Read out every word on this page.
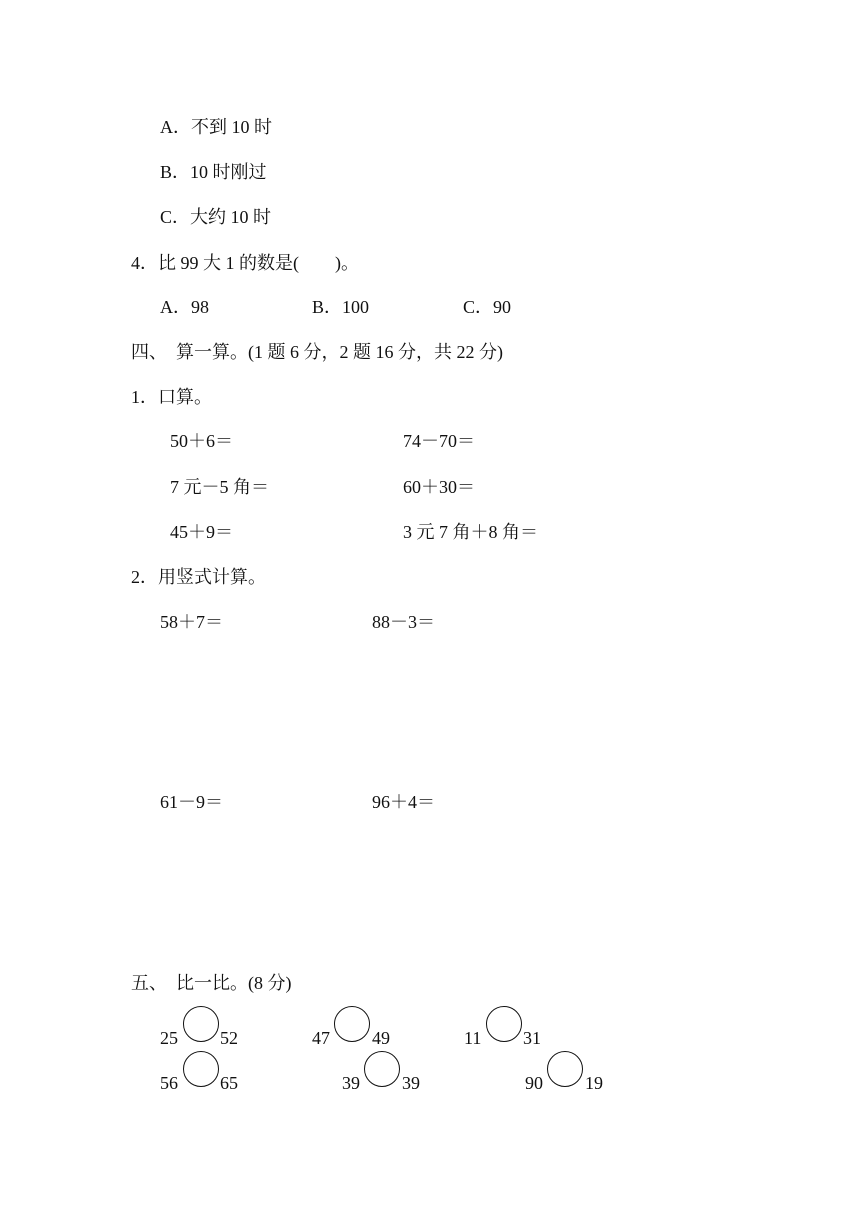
A．不到 10 时
B．10 时刚过
C．大约 10 时
4．比 99 大 1 的数是(　　)。
A．98	B．100	C．90
四、  算一算。(1 题 6 分，2 题 16 分，共 22 分)
1．口算。
50＋6＝	74－70＝
7 元－5 角＝	60＋30＝
45＋9＝	3 元 7 角＋8 角＝
2．用竖式计算。
58＋7＝	88－3＝
61－9＝	96＋4＝
五、  比一比。(8 分)
25 52	47 49	11 31
56 65	39 39	90 19
